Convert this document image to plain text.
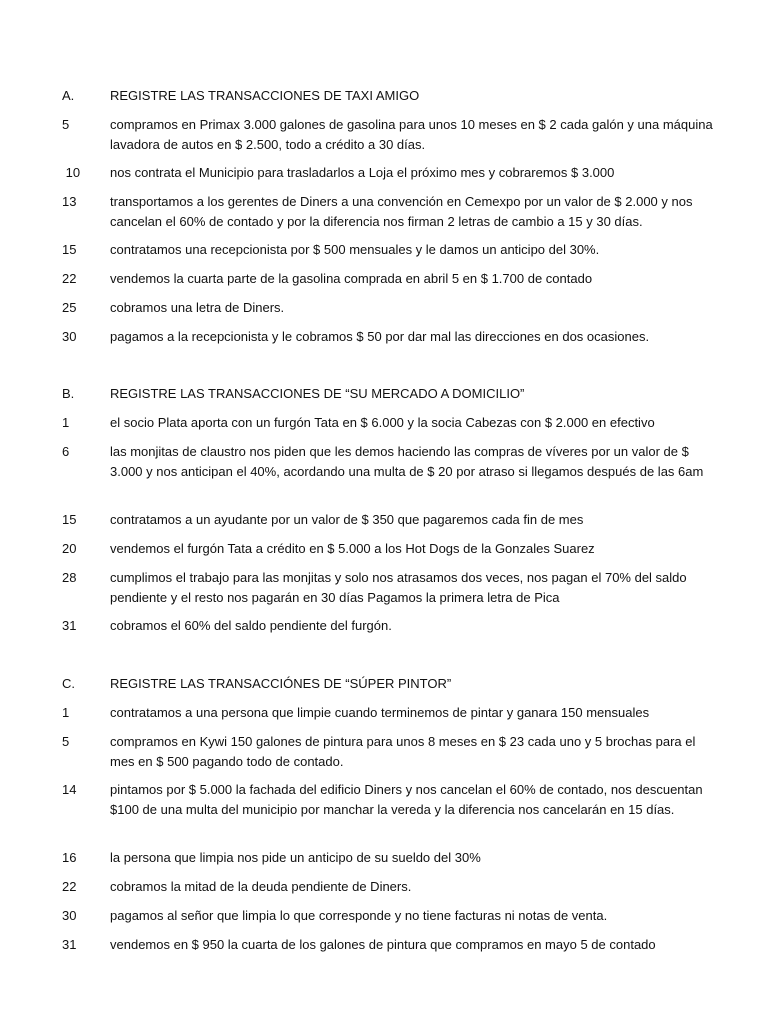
A.	REGISTRE LAS TRANSACCIONES DE TAXI AMIGO
5	compramos en Primax 3.000 galones de gasolina para unos 10 meses en $ 2 cada galón y una máquina lavadora de autos en $ 2.500, todo a crédito a 30 días.
10	nos contrata el Municipio para trasladarlos a Loja el próximo mes y cobraremos $ 3.000
13	transportamos a los gerentes de Diners a una convención en Cemexpo por un valor de $ 2.000 y nos cancelan el 60% de contado y por la diferencia nos firman 2 letras de cambio a 15 y 30 días.
15	contratamos una recepcionista por $ 500 mensuales y le damos un anticipo del 30%.
22	vendemos la cuarta parte de la gasolina comprada en abril 5 en $ 1.700 de contado
25	cobramos una letra de Diners.
30	pagamos a la recepcionista y le cobramos $ 50 por dar mal las direcciones en dos ocasiones.
B.	REGISTRE LAS TRANSACCIONES DE “SU MERCADO A DOMICILIO”
1	el socio Plata aporta con un furgón Tata en $ 6.000 y la socia Cabezas con $ 2.000 en efectivo
6	las monjitas de claustro nos piden que les demos haciendo las compras de víveres por un valor de $ 3.000 y nos anticipan el 40%, acordando una multa de $ 20 por atraso si llegamos después de las 6am
15	contratamos a un ayudante por un valor de $ 350 que pagaremos cada fin de mes
20	vendemos el furgón Tata a crédito en $ 5.000 a los Hot Dogs de la Gonzales Suarez
28	cumplimos el trabajo para las monjitas y solo nos atrasamos dos veces, nos pagan el 70% del saldo pendiente y el resto nos pagarán en 30 días Pagamos la primera letra de Pica
31	cobramos el 60% del saldo pendiente del furgón.
C.	REGISTRE LAS TRANSACCIÓNES DE “SÚPER PINTOR”
1	contratamos a una persona que limpie cuando terminemos de pintar y ganara 150 mensuales
5	compramos en Kywi 150 galones de pintura para unos 8 meses en $ 23 cada uno y 5 brochas para el mes en $ 500 pagando todo de contado.
14	pintamos por $ 5.000 la fachada del edificio Diners y nos cancelan el 60% de contado, nos descuentan $100 de una multa del municipio por manchar la vereda y la diferencia nos cancelarán en 15 días.
16	la persona que limpia nos pide un anticipo de su sueldo del 30%
22	cobramos la mitad de la deuda pendiente de Diners.
30	pagamos al señor que limpia lo que corresponde y no tiene facturas ni notas de venta.
31	vendemos en $ 950 la cuarta de los galones de pintura que compramos en mayo 5 de contado
